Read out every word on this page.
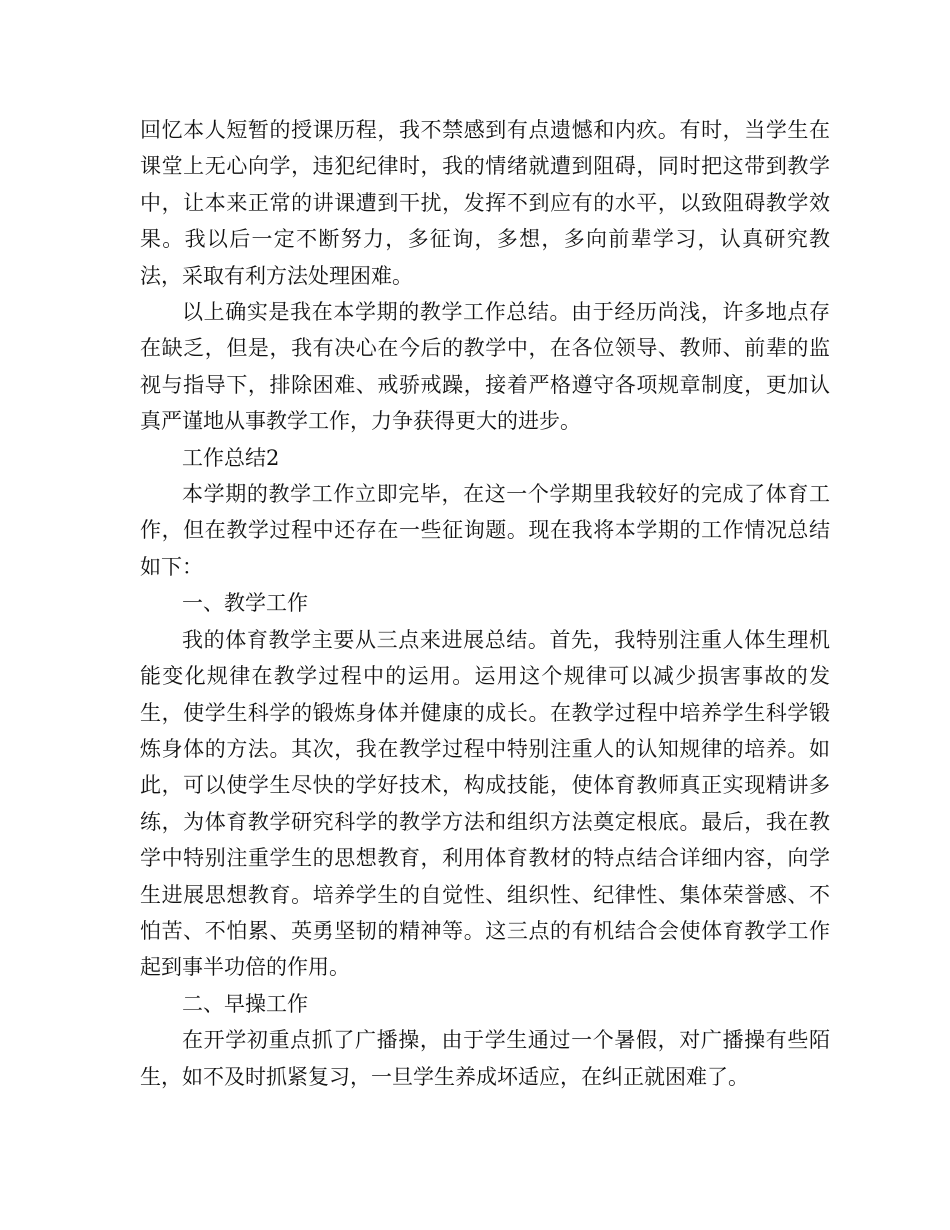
回忆本人短暂的授课历程，我不禁感到有点遗憾和内疚。有时，当学生在课堂上无心向学，违犯纪律时，我的情绪就遭到阻碍，同时把这带到教学中，让本来正常的讲课遭到干扰，发挥不到应有的水平，以致阻碍教学效果。我以后一定不断努力，多征询，多想，多向前辈学习，认真研究教法，采取有利方法处理困难。

以上确实是我在本学期的教学工作总结。由于经历尚浅，许多地点存在缺乏，但是，我有决心在今后的教学中，在各位领导、教师、前辈的监视与指导下，排除困难、戒骄戒躁，接着严格遵守各项规章制度，更加认真严谨地从事教学工作，力争获得更大的进步。

工作总结2

本学期的教学工作立即完毕，在这一个学期里我较好的完成了体育工作，但在教学过程中还存在一些征询题。现在我将本学期的工作情况总结如下：

一、教学工作

我的体育教学主要从三点来进展总结。首先，我特别注重人体生理机能变化规律在教学过程中的运用。运用这个规律可以减少损害事故的发生，使学生科学的锻炼身体并健康的成长。在教学过程中培养学生科学锻炼身体的方法。其次，我在教学过程中特别注重人的认知规律的培养。如此，可以使学生尽快的学好技术，构成技能，使体育教师真正实现精讲多练，为体育教学研究科学的教学方法和组织方法奠定根底。最后，我在教学中特别注重学生的思想教育，利用体育教材的特点结合详细内容，向学生进展思想教育。培养学生的自觉性、组织性、纪律性、集体荣誉感、不怕苦、不怕累、英勇坚韧的精神等。这三点的有机结合会使体育教学工作起到事半功倍的作用。

二、早操工作

在开学初重点抓了广播操，由于学生通过一个暑假，对广播操有些陌生，如不及时抓紧复习，一旦学生养成坏适应，在纠正就困难了。
